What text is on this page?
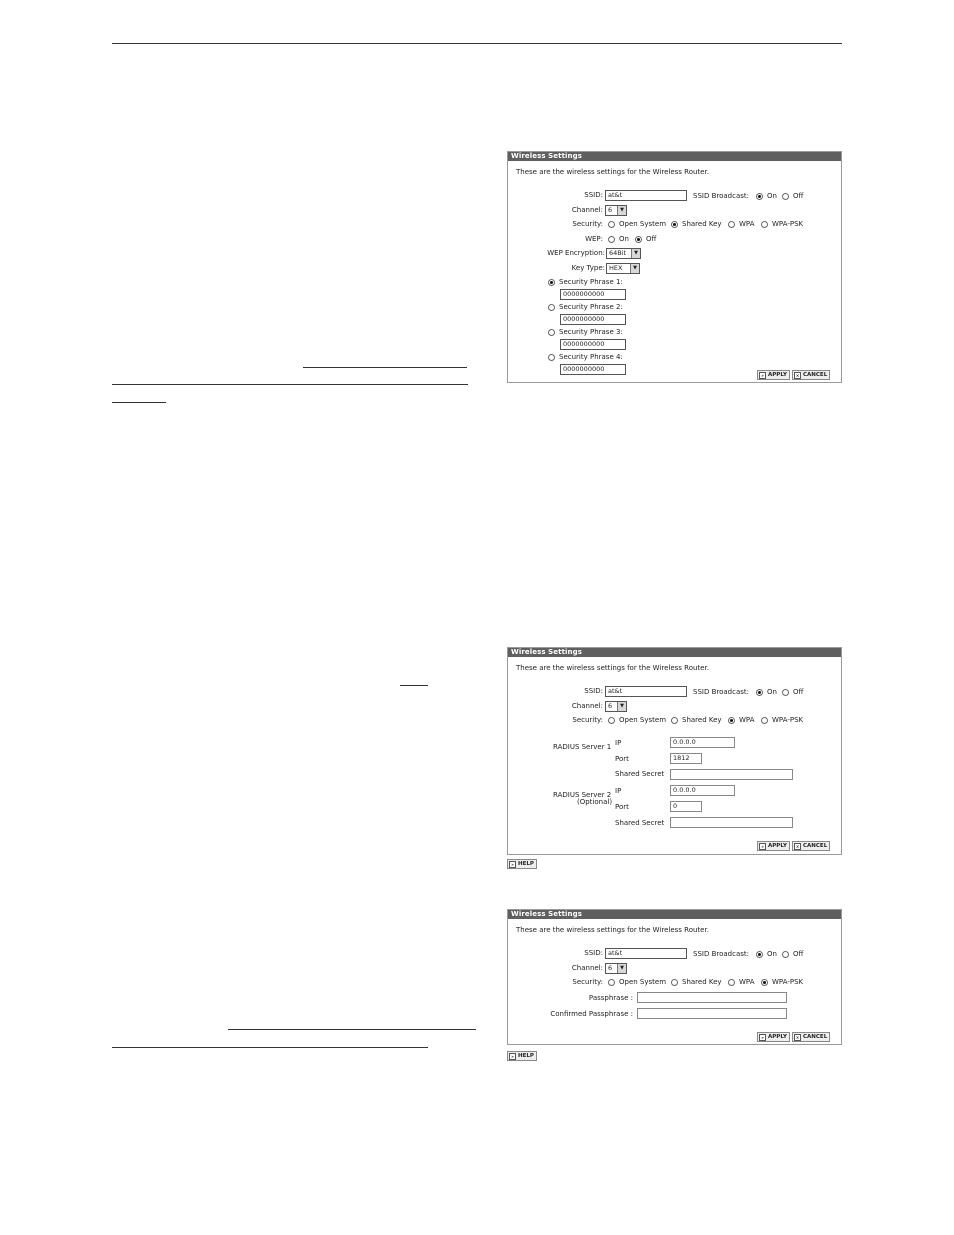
Wireless Settings
These are the wireless settings for the Wireless Router.
SSID: at&t	SSID Broadcast:	On Off
Channel: 6	▼
Security: Open System Shared Key WPA	WPA-PSK
WEP: On Off
WEP Encryption: 64Bit	▼
Key Type: HEX	▼
Security Phrase 1:
0000000000
Security Phrase 2:
0000000000
Security Phrase 3:
0000000000
Security Phrase 4:
0000000000
» APPLY	× CANCEL
Wireless Settings
These are the wireless settings for the Wireless Router.
SSID: at&t	SSID Broadcast:	On Off
Channel: 6	▼
Security: Open System Shared Key WPA	WPA-PSK
RADIUS Server 1 IP	0.0.0.0
Port	1812
Shared Secret
RADIUS Server 2
(Optional)
IP	0.0.0.0
Port	0
Shared Secret
» APPLY	× CANCEL
» HELP
Wireless Settings
These are the wireless settings for the Wireless Router.
SSID: at&t	SSID Broadcast:	On Off
Channel: 6	▼
Security: Open System Shared Key WPA	WPA-PSK
Passphrase :
Confirmed Passphrase :
» APPLY	× CANCEL
» HELP
